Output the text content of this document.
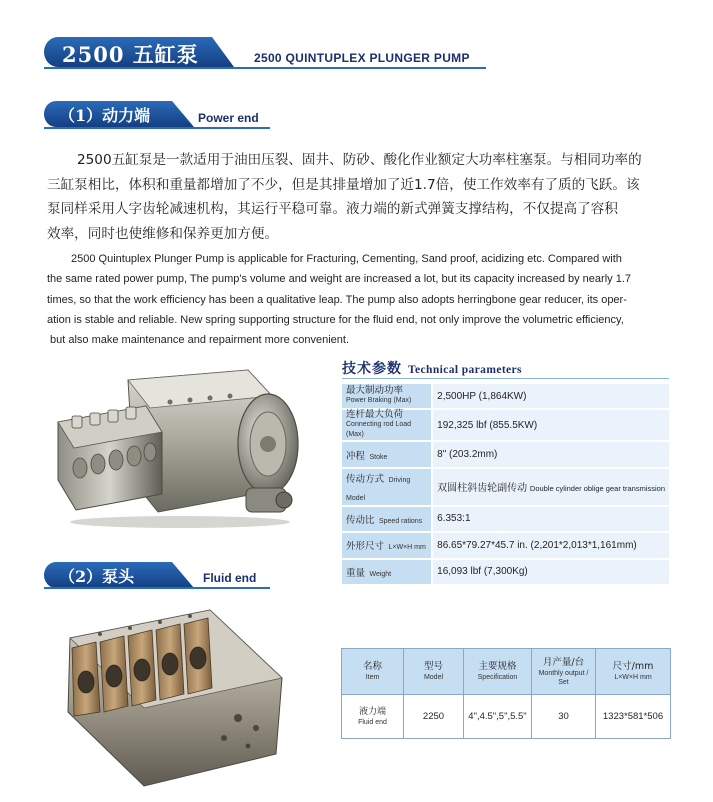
2500 五缸泵	2500 QUINTUPLEX PLUNGER PUMP
（1）动力端	Power end
2500五缸泵是一款适用于油田压裂、固井、防砂、酸化作业额定大功率柱塞泵。与相同功率的
三缸泵相比，体积和重量都增加了不少，但是其排量增加了近1.7倍，使工作效率有了质的飞跃。该
泵同样采用人字齿轮减速机构，其运行平稳可靠。液力端的新式弹簧支撑结构，不仅提高了容积
效率，同时也使维修和保养更加方便。
2500 Quintuplex Plunger Pump is applicable for Fracturing, Cementing, Sand proof, acidizing etc. Compared with
the same rated power pump, The pump's volume and weight are increased a lot, but its capacity increased by nearly 1.7
times, so that the work efficiency has been a qualitative leap. The pump also adopts herringbone gear reducer, its oper-
ation is stable and reliable. New spring supporting structure for the fluid end, not only improve the volumetric efficiency,
but also make maintenance and repairment more convenient.
技术参数 Technical parameters
最大制动功率
Power Braking (Max)	2,500HP (1,864KW)

连杆最大负荷
Connecting rod Load (Max)	192,325 lbf (855.5KW)
冲程 Stoke	8" (203.2mm)
传动方式 Driving Model	双圆柱斜齿轮副传动 Double cylinder oblige gear transmission
传动比 Speed rations	6.353:1
外形尺寸 L×W×H mm	86.65*79.27*45.7 in. (2,201*2,013*1,161mm)
重量 Weight	16,093 lbf (7,300Kg)
（2）泵头	Fluid end
名称
Item	型号
Model	主要规格
Specification	月产量/台
Monthly output / Set	尺寸/mm
L×W×H mm

液力端
Fluid end	2250	4",4.5",5",5.5"	30	1323*581*506
